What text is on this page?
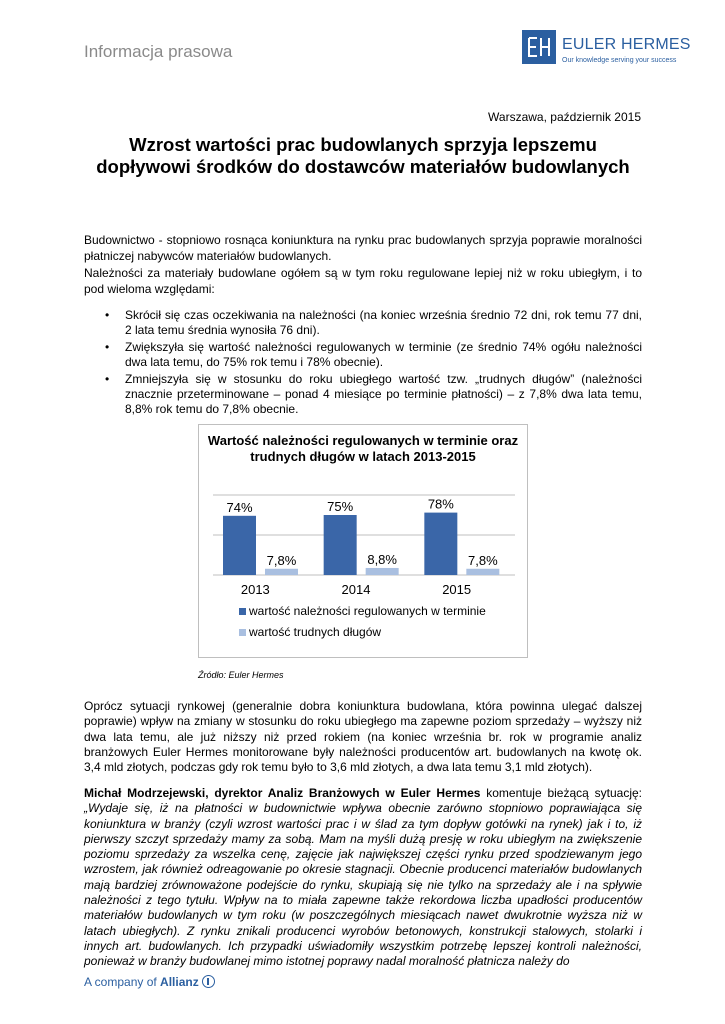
Informacja prasowa	EULER HERMES
Our knowledge serving your success
Warszawa, październik 2015
Wzrost wartości prac budowlanych sprzyja lepszemu dopływowi środków do dostawców materiałów budowlanych

Budownictwo - stopniowo rosnąca koniunktura na rynku prac budowlanych sprzyja poprawie moralności płatniczej nabywców materiałów budowlanych.

Należności za materiały budowlane ogółem są w tym roku regulowane lepiej niż w roku ubiegłym, i to pod wieloma względami:

• Skrócił się czas oczekiwania na należności (na koniec września średnio 72 dni, rok temu 77 dni, 2 lata temu średnia wynosiła 76 dni).
• Zwiększyła się wartość należności regulowanych w terminie (ze średnio 74% ogółu należności dwa lata temu, do 75% rok temu i 78% obecnie).
• Zmniejszyła się w stosunku do roku ubiegłego wartość tzw. „trudnych długów” (należności znacznie przeterminowane – ponad 4 miesiące po terminie płatności) – z 7,8% dwa lata temu, 8,8% rok temu do 7,8% obecnie.
Wartość należności regulowanych w terminie oraz trudnych długów w latach 2013-2015
74%
7,8%
2013
75%
8,8%
2014
78%
7,8%
2015
wartość należności regulowanych w terminie
wartość trudnych długów
Źródło: Euler Hermes
Oprócz sytuacji rynkowej (generalnie dobra koniunktura budowlana, która powinna ulegać dalszej poprawie) wpływ na zmiany w stosunku do roku ubiegłego ma zapewne poziom sprzedaży – wyższy niż dwa lata temu, ale już niższy niż przed rokiem (na koniec września br. rok w programie analiz branżowych Euler Hermes monitorowane były należności producentów art. budowlanych na kwotę ok. 3,4 mld złotych, podczas gdy rok temu było to 3,6 mld złotych, a dwa lata temu 3,1 mld złotych).
Michał Modrzejewski, dyrektor Analiz Branżowych w Euler Hermes komentuje bieżącą sytuację: „Wydaje się, iż na płatności w budownictwie wpływa obecnie zarówno stopniowo poprawiająca się koniunktura w branży (czyli wzrost wartości prac i w ślad za tym dopływ gotówki na rynek) jak i to, iż pierwszy szczyt sprzedaży mamy za sobą. Mam na myśli dużą presję w roku ubiegłym na zwiększenie poziomu sprzedaży za wszelka cenę, zajęcie jak największej części rynku przed spodziewanym jego wzrostem, jak również odreagowanie po okresie stagnacji. Obecnie producenci materiałów budowlanych mają bardziej zrównoważone podejście do rynku, skupiają się nie tylko na sprzedaży ale i na spływie należności z tego tytułu. Wpływ na to miała zapewne także rekordowa liczba upadłości producentów materiałów budowlanych w tym roku (w poszczególnych miesiącach nawet dwukrotnie wyższa niż w latach ubiegłych). Z rynku znikali producenci wyrobów betonowych, konstrukcji stalowych, stolarki i innych art. budowlanych. Ich przypadki uświadomiły wszystkim potrzebę lepszej kontroli należności, ponieważ w branży budowlanej mimo istotnej poprawy nadal moralność płatnicza należy do
A company of Allianz
